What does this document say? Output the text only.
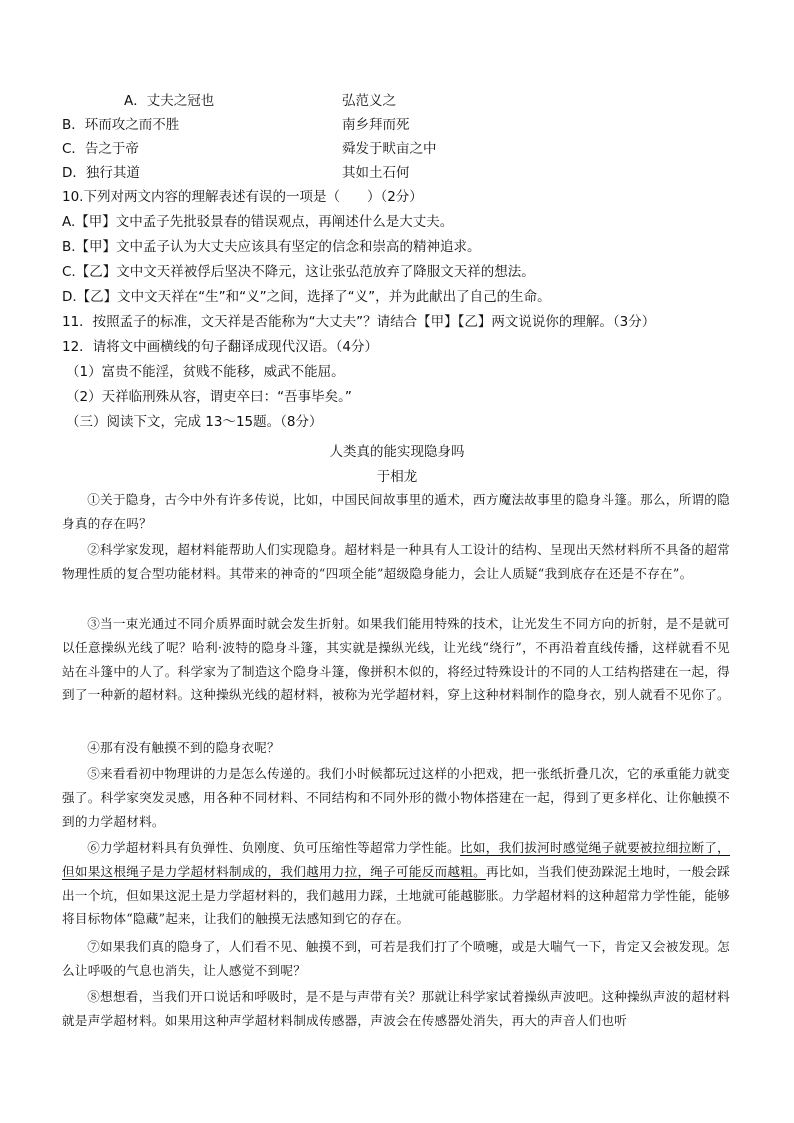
A．丈夫之冠也	弘范义之
B．环而攻之而不胜	南乡拜而死
C．告之于帝	舜发于畎亩之中
D．独行其道	其如土石何
10.下列对两文内容的理解表述有误的一项是（　　）（2分）
A.【甲】文中孟子先批驳景春的错误观点，再阐述什么是大丈夫。
B.【甲】文中孟子认为大丈夫应该具有坚定的信念和崇高的精神追求。
C.【乙】文中文天祥被俘后坚决不降元，这让张弘范放弃了降服文天祥的想法。
D.【乙】文中文天祥在“生”和“义”之间，选择了“义”，并为此献出了自己的生命。
11．按照孟子的标准，文天祥是否能称为“大丈夫”？请结合【甲】【乙】两文说说你的理解。（3分）
12．请将文中画横线的句子翻译成现代汉语。（4分）
（1）富贵不能淫，贫贱不能移，威武不能屈。
（2）天祥临刑殊从容，谓吏卒曰：“吾事毕矣。”
（三）阅读下文，完成 13～15题。（8分）
人类真的能实现隐身吗
于相龙
①关于隐身，古今中外有许多传说，比如，中国民间故事里的遁术，西方魔法故事里的隐身斗篷。那么，所谓的隐身真的存在吗？
②科学家发现，超材料能帮助人们实现隐身。超材料是一种具有人工设计的结构、呈现出天然材料所不具备的超常物理性质的复合型功能材料。其带来的神奇的“四项全能”超级隐身能力，会让人质疑“我到底存在还是不存在”。
③当一束光通过不同介质界面时就会发生折射。如果我们能用特殊的技术，让光发生不同方向的折射，是不是就可以任意操纵光线了呢？哈利·波特的隐身斗篷，其实就是操纵光线，让光线“绕行”，不再沿着直线传播，这样就看不见站在斗篷中的人了。科学家为了制造这个隐身斗篷，像拼积木似的，将经过特殊设计的不同的人工结构搭建在一起，得到了一种新的超材料。这种操纵光线的超材料，被称为光学超材料，穿上这种材料制作的隐身衣，别人就看不见你了。
④那有没有触摸不到的隐身衣呢？
⑤来看看初中物理讲的力是怎么传递的。我们小时候都玩过这样的小把戏，把一张纸折叠几次，它的承重能力就变强了。科学家突发灵感，用各种不同材料、不同结构和不同外形的微小物体搭建在一起，得到了更多样化、让你触摸不到的力学超材料。
⑥力学超材料具有负弹性、负刚度、负可压缩性等超常力学性能。比如，我们拔河时感觉绳子就要被拉细拉断了，但如果这根绳子是力学超材料制成的，我们越用力拉，绳子可能反而越粗。再比如，当我们使劲跺泥土地时，一般会踩出一个坑，但如果这泥土是力学超材料的，我们越用力踩，土地就可能越膨胀。力学超材料的这种超常力学性能，能够将目标物体“隐藏”起来，让我们的触摸无法感知到它的存在。
⑦如果我们真的隐身了，人们看不见、触摸不到，可若是我们打了个喷嚏，或是大喘气一下，肯定又会被发现。怎么让呼吸的气息也消失，让人感觉不到呢？
⑧想想看，当我们开口说话和呼吸时，是不是与声带有关？那就让科学家试着操纵声波吧。这种操纵声波的超材料就是声学超材料。如果用这种声学超材料制成传感器，声波会在传感器处消失，再大的声音人们也听
